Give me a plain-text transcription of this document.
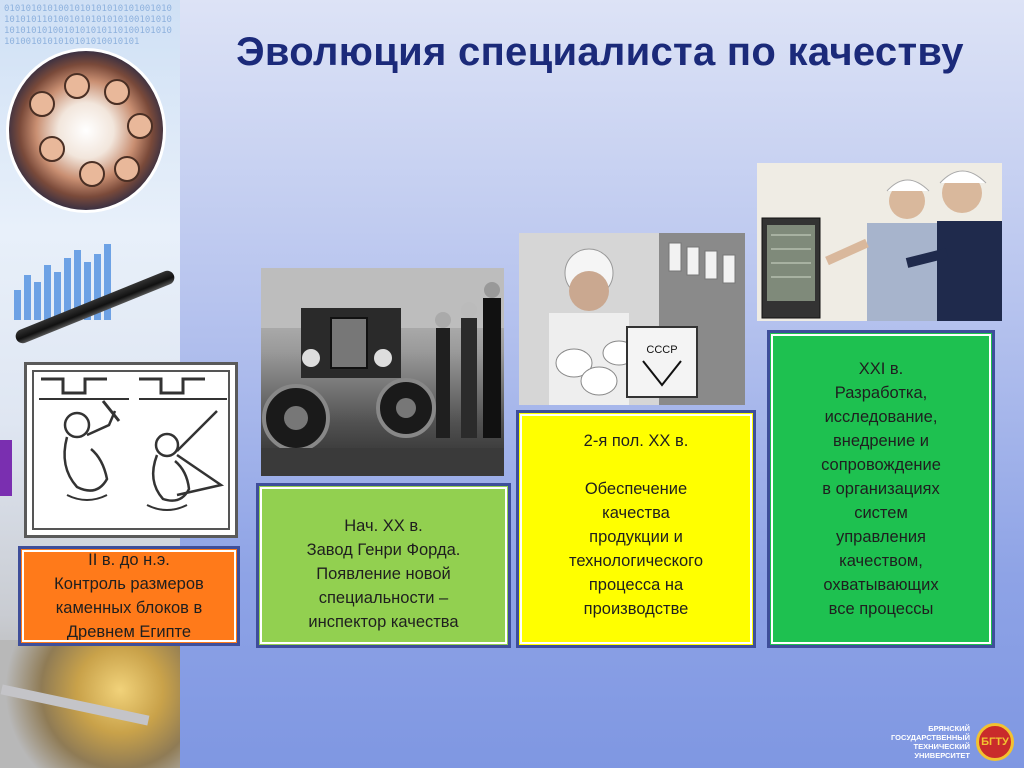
0101010101001010101010101001010101010110100101010101010010101010101010100101010101101001010101010010101010101010010101	Эволюция специалиста по качеству
СССР
II в. до н.э.
Контроль размеров
каменных блоков в
Древнем Египте
Нач. XX в.
Завод Генри Форда.
Появление новой
специальности –
инспектор качества
2-я пол. XX в.
Обеспечение
качества
продукции и
технологического
процесса на
производстве
XXI в.
Разработка,
исследование,
внедрение и
сопровождение
в организациях
систем
управления
качеством,
охватывающих
все процессы
БРЯНСКИЙ
ГОСУДАРСТВЕННЫЙ
ТЕХНИЧЕСКИЙ
УНИВЕРСИТЕТ
БГТУ
